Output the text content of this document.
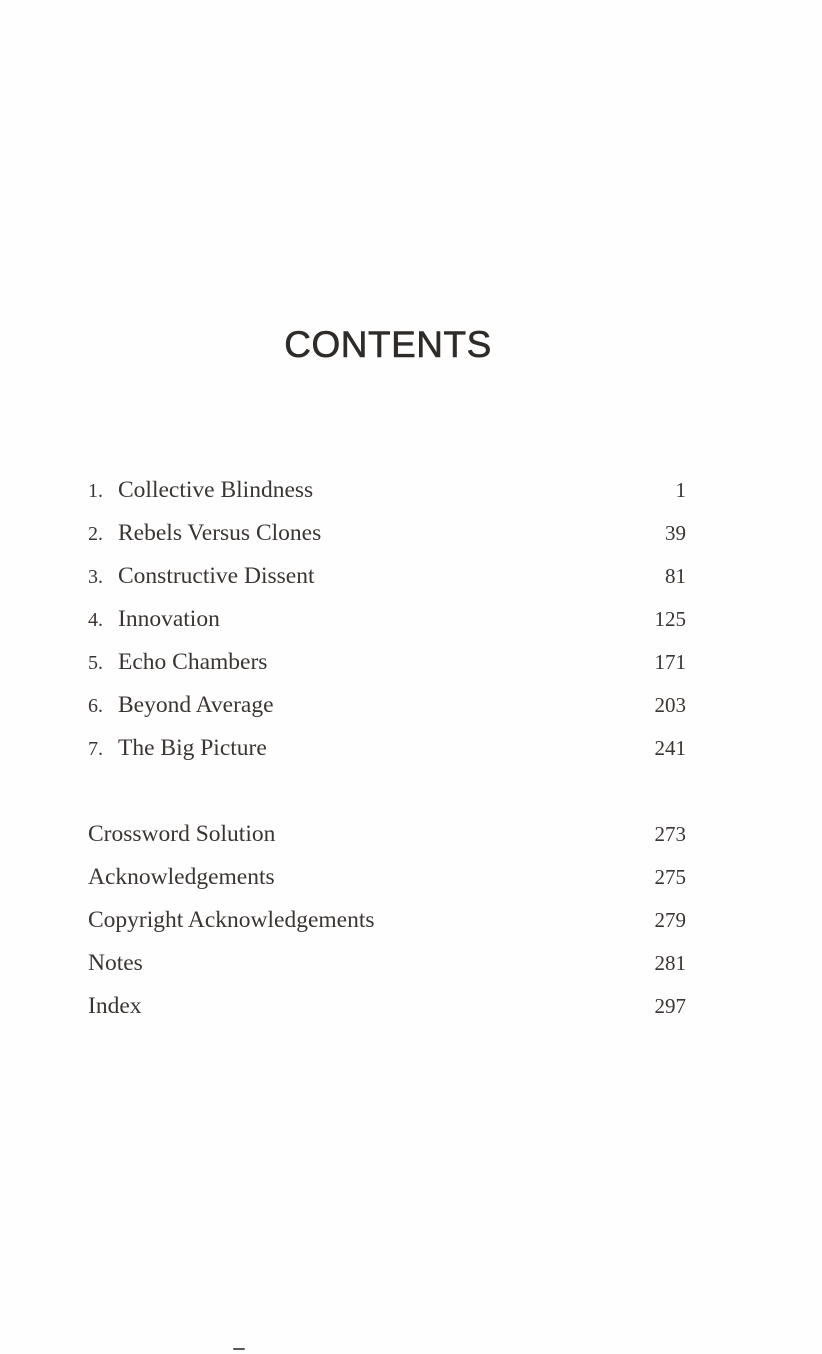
CONTENTS
1. Collective Blindness	1
2. Rebels Versus Clones	39
3. Constructive Dissent	81
4. Innovation	125
5. Echo Chambers	171
6. Beyond Average	203
7. The Big Picture	241
Crossword Solution	273
Acknowledgements	275
Copyright Acknowledgements	279
Notes	281
Index	297
